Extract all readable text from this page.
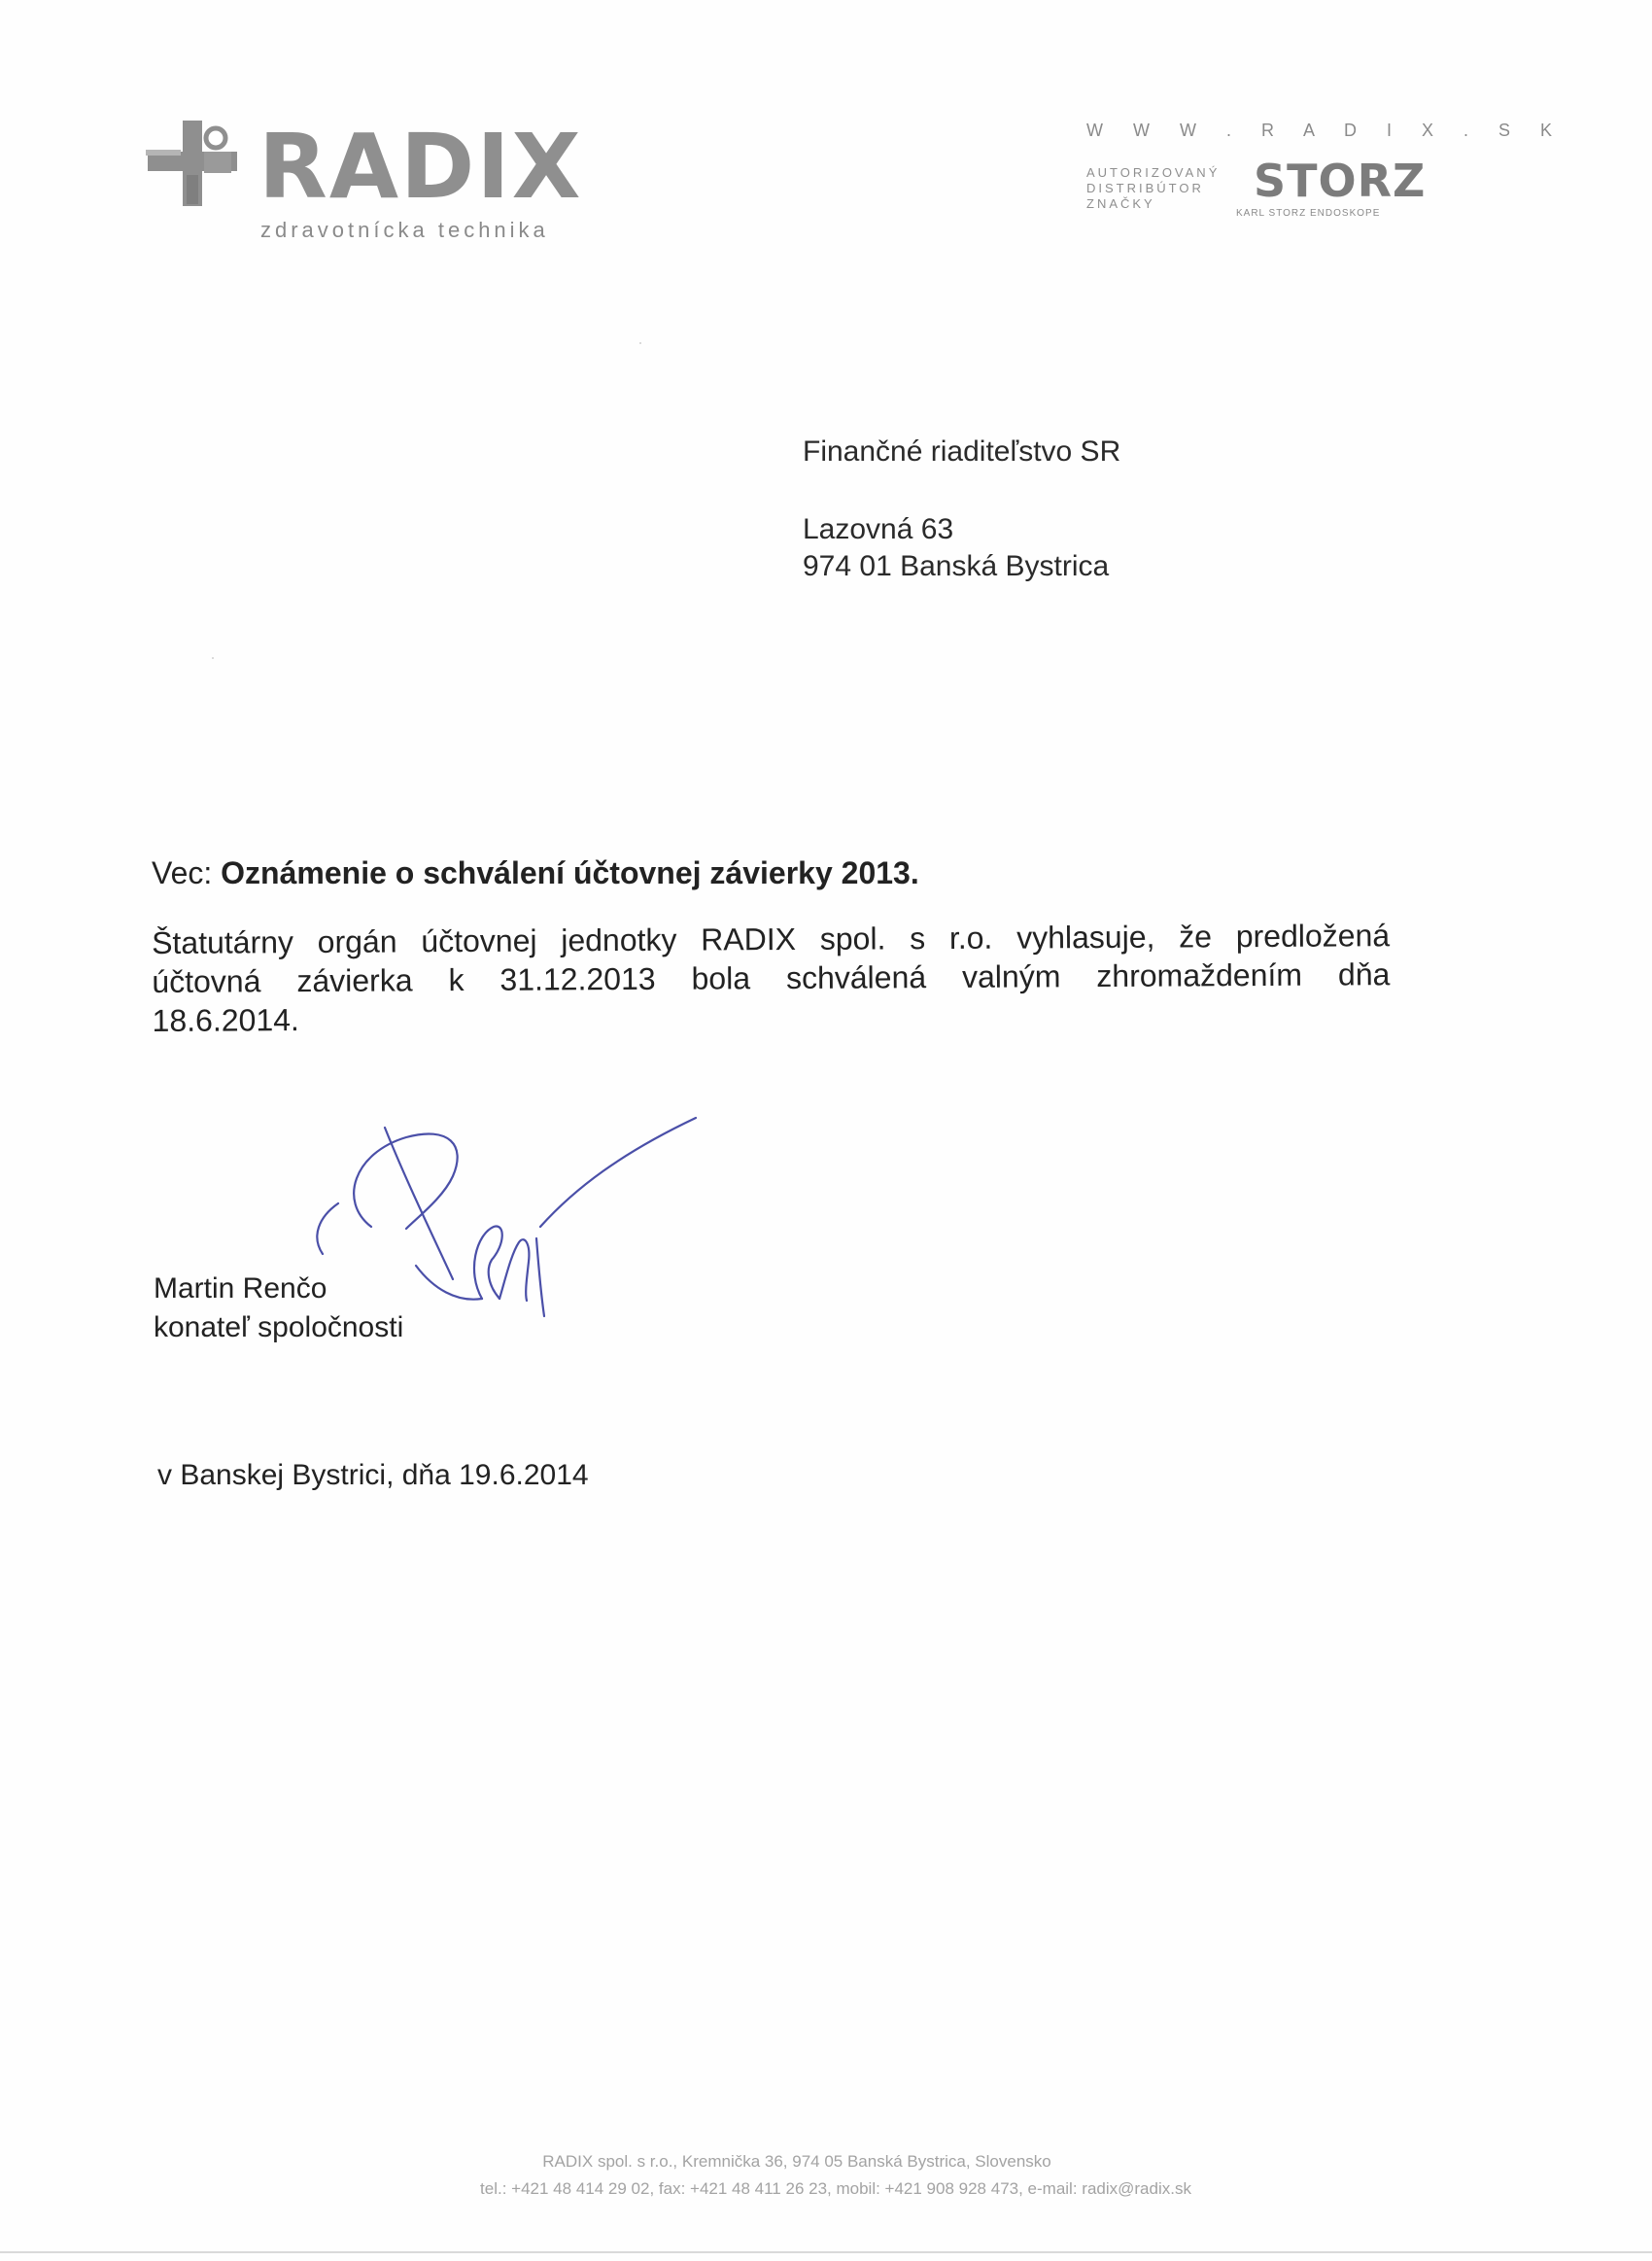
RADIX
zdravotnícka technika
W W W . R A D I X . S K
AUTORIZOVANÝ
DISTRIBÚTOR
ZNAČKY	STORZ
KARL STORZ ENDOSKOPE
Finančné riaditeľstvo SR
Lazovná 63
974 01 Banská Bystrica
Vec: Oznámenie o schválení účtovnej závierky 2013.
Štatutárny orgán účtovnej jednotky RADIX spol. s r.o. vyhlasuje, že predložená
účtovná závierka k 31.12.2013 bola schválená valným zhromaždením dňa
18.6.2014.
Martin Renčo
konateľ spoločnosti
v Banskej Bystrici, dňa 19.6.2014
RADIX spol. s r.o., Kremnička 36, 974 05 Banská Bystrica, Slovensko
tel.: +421 48 414 29 02, fax: +421 48 411 26 23, mobil: +421 908 928 473, e-mail: radix@radix.sk
